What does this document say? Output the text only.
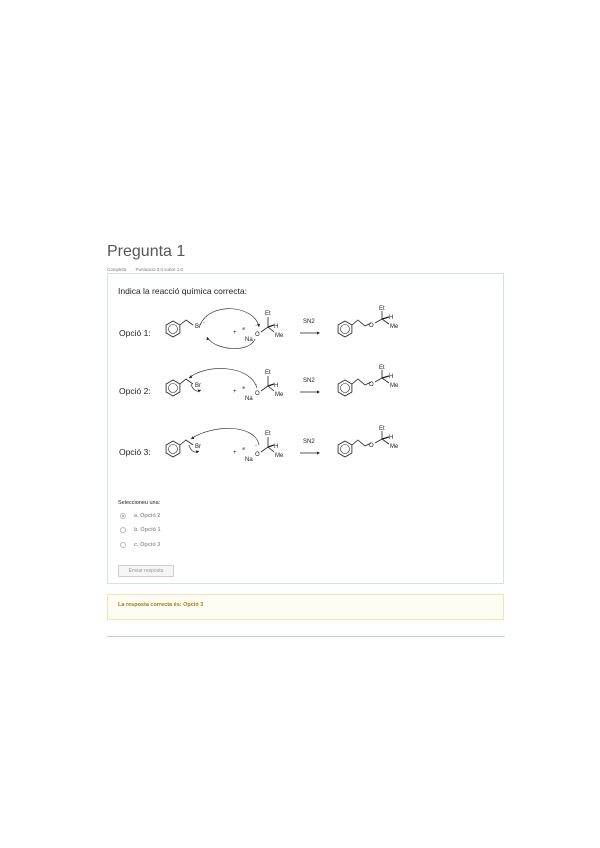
Pregunta 1
Completa Puntuació 0,0 sobre 1,0
Indica la reacció química correcta:
Opció 1:
Opció 2:
Opció 3:
Br
−
+
⊕
Na
O
−
Et
H
Me
SN2
O
Et
H
Me
Br
+
⊕
Na
O
−
Et
H
Me
SN2
O
Et
H
Me
Br
+
⊕
Na
O
−
Et
H
Me
SN2
O
Et
H
Me
Seleccioneu una:
a. Opció 2
b. Opció 1
c. Opció 3
Enviar resposta
La resposta correcta és: Opció 3
